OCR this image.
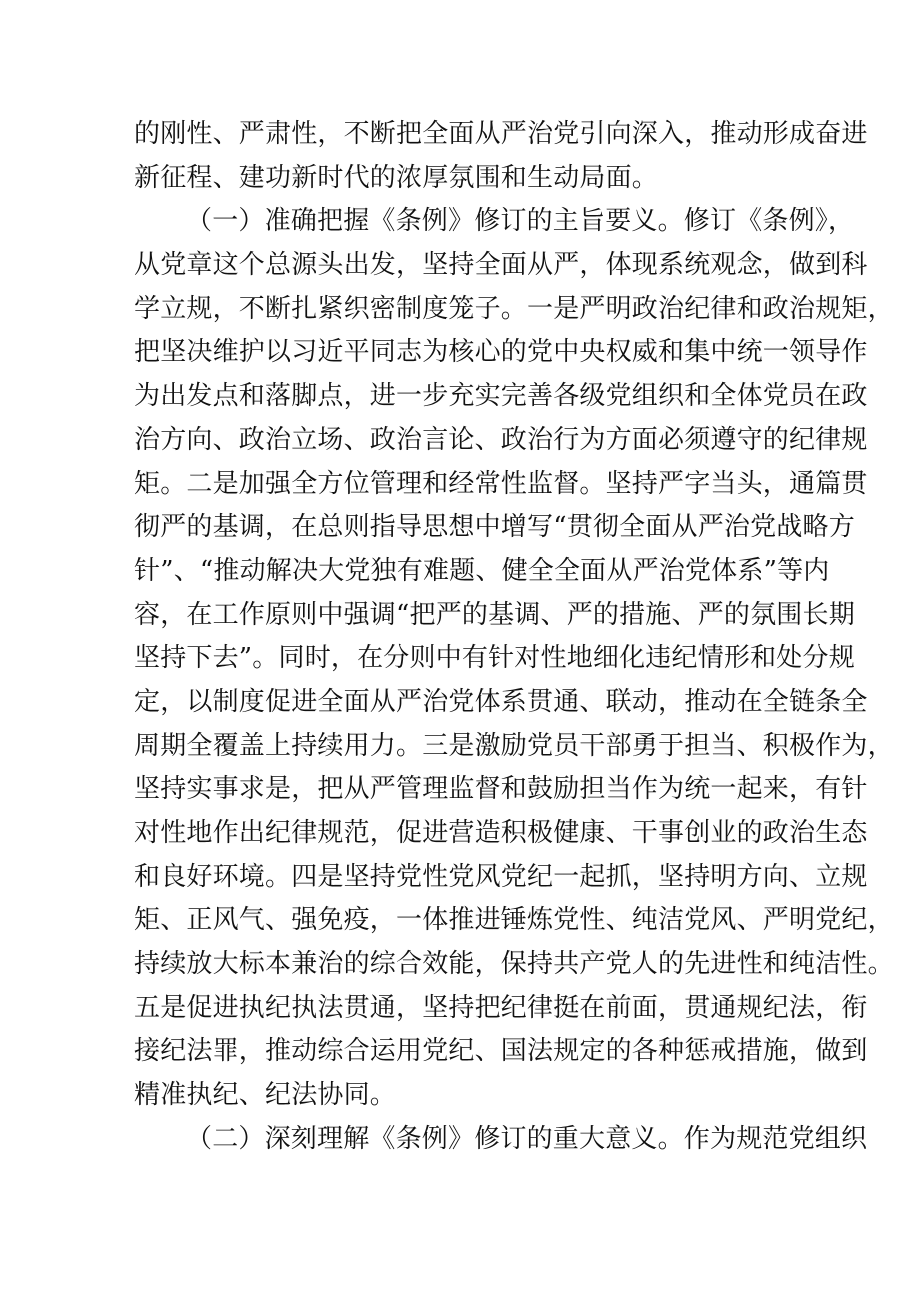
的刚性、严肃性，不断把全面从严治党引向深入，推动形成奋进
新征程、建功新时代的浓厚氛围和生动局面。
（一）准确把握《条例》修订的主旨要义。修订《条例》，
从党章这个总源头出发，坚持全面从严，体现系统观念，做到科
学立规，不断扎紧织密制度笼子。一是严明政治纪律和政治规矩，
把坚决维护以习近平同志为核心的党中央权威和集中统一领导作
为出发点和落脚点，进一步充实完善各级党组织和全体党员在政
治方向、政治立场、政治言论、政治行为方面必须遵守的纪律规
矩。二是加强全方位管理和经常性监督。坚持严字当头，通篇贯
彻严的基调，在总则指导思想中增写“贯彻全面从严治党战略方
针”、“推动解决大党独有难题、健全全面从严治党体系”等内
容，在工作原则中强调“把严的基调、严的措施、严的氛围长期
坚持下去”。同时，在分则中有针对性地细化违纪情形和处分规
定，以制度促进全面从严治党体系贯通、联动，推动在全链条全
周期全覆盖上持续用力。三是激励党员干部勇于担当、积极作为，
坚持实事求是，把从严管理监督和鼓励担当作为统一起来，有针
对性地作出纪律规范，促进营造积极健康、干事创业的政治生态
和良好环境。四是坚持党性党风党纪一起抓，坚持明方向、立规
矩、正风气、强免疫，一体推进锤炼党性、纯洁党风、严明党纪，
持续放大标本兼治的综合效能，保持共产党人的先进性和纯洁性。
五是促进执纪执法贯通，坚持把纪律挺在前面，贯通规纪法，衔
接纪法罪，推动综合运用党纪、国法规定的各种惩戒措施，做到
精准执纪、纪法协同。
（二）深刻理解《条例》修订的重大意义。作为规范党组织
